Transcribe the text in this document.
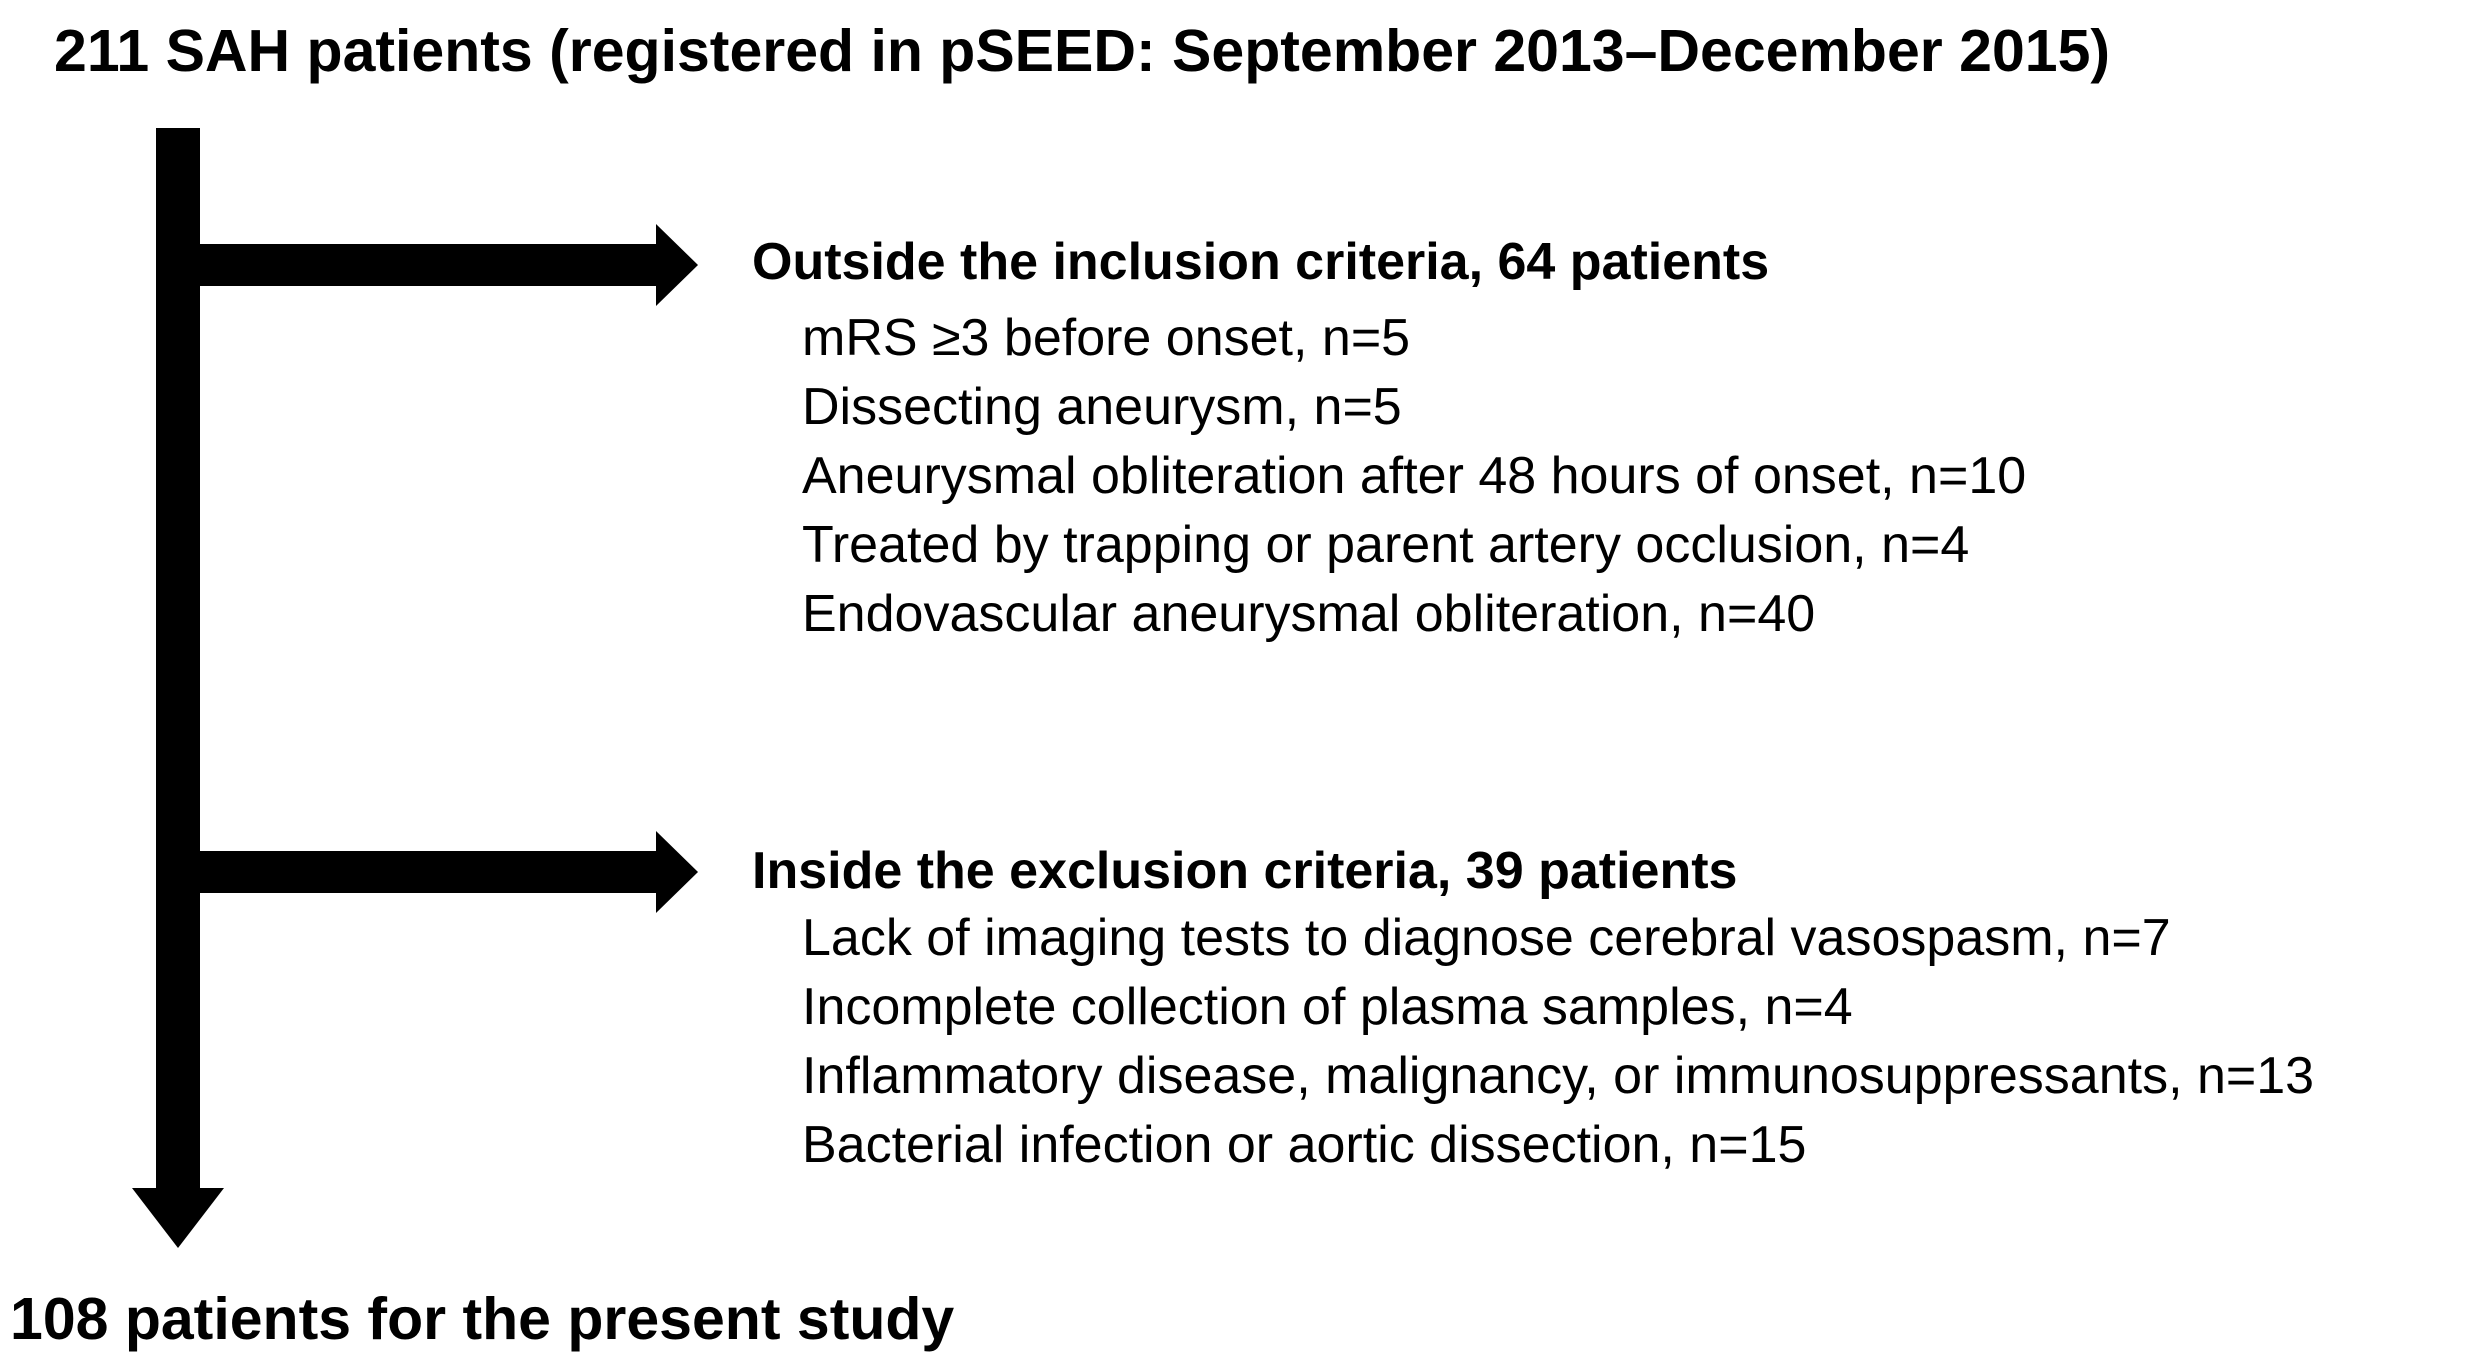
211 SAH patients (registered in pSEED: September 2013–December 2015)
Outside the inclusion criteria, 64 patients
mRS ≥3 before onset, n=5
Dissecting aneurysm, n=5
Aneurysmal obliteration after 48 hours of onset, n=10
Treated by trapping or parent artery occlusion, n=4
Endovascular aneurysmal obliteration, n=40
Inside the exclusion criteria, 39 patients
Lack of imaging tests to diagnose cerebral vasospasm, n=7
Incomplete collection of plasma samples, n=4
Inflammatory disease, malignancy, or immunosuppressants, n=13
Bacterial infection or aortic dissection, n=15
108 patients for the present study
